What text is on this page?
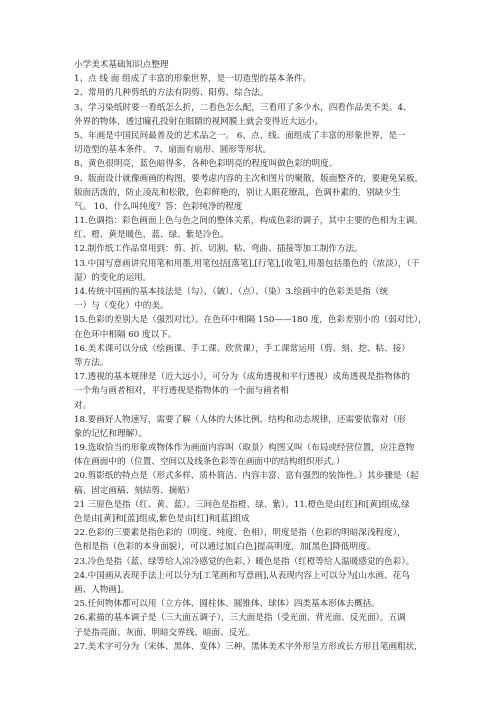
小学美术基础知识点整理
1、点 线 面 组成了丰富的形象世界，是一切造型的基本条件。
2、常用的几种剪纸的方法有阴剪、阳剪、综合法。
3、学习染纸时要一看纸怎么折，二看色怎么配，三看用了多少水，四看作品美不美。4、
外界的物体，透过瞳孔投射在眼睛的视网膜上就会变得近大远小。
5、年画是中国民间最普及的艺术品之一。 6、点、线、面组成了丰富的形象世界，是一
切造型的基本条件。 7、扇面有扇形、圆形等形状。
8、黄色很明亮，蓝色暗得多，各种色彩明亮的程度叫做色彩的明度。
9、版面设计就像画画的构图，要考虑内容的主次和图片的聚散，版面整齐的，要避免呆板，
版面活泼的，防止凌乱和松散，色彩鲜艳的，别让人眼花缭乱，色调朴素的，别缺少生
气。 10、什么叫纯度？答：色彩纯净的程度
11.色调指：彩色画面上色与色之间的整体关系，构成色彩的调子，其中主要的色相为主调。
红、橙、黄是暖色，蓝、绿、紫是冷色。
12.制作纸工作品常用到：剪、折、切割、粘、弯曲、插接等加工制作方法。
13.中国写意画讲究用笔和用墨,用笔包括[落笔],[行笔],[收笔],用墨包括墨色的（浓淡），（干
湿）的变化的运用。
14.传统中国画的基本技法是（勾）、（皴）、（点）、（染）3.绘画中的色彩美是指（统
一）与（变化）中的美。
15.色彩的差别大是（强烈对比）。在色环中相隔 150——180 度，色彩差别小的（弱对比），
在色环中相隔 60 度以下。
16.美术课可以分成（绘画课、手工课、欣赏课），手工课常运用（剪、刻、挖、粘、接）
等方法。
17.透视的基本规律是（近大远小），可分为（成角透视和平行透视）成角透视是指物体的
一个角与画者相对，平行透视是指物体的一个面与画者相
对。
18.要画好人物速写，需要了解（人体的大体比例、结构和动态规律，还需要依靠对（形
象的记忆和理解）。
19.选取恰当的形象或物体作为画面内容叫（取景）构图又叫（布局或经营位置，应注意物
体在画面中的（位置、空间以及线条色彩等在画面中的结构组织形式。）
20.剪影纸的特点是（形式多样、质朴简洁、内容丰富、富有强烈的装饰性。）其步骤是（起
稿、固定画稿、刻結剪、摘贴）
21 三原色是指（红、黄、蓝）。三间色是指橙、绿、紫）。11.橙色是由[红]和[黄]组成,绿
色是由[黄]和[蓝]组成,紫色是由[红]和[蓝]组成
22.色彩的三要素是指色彩的（明度、纯度、色相），明度是指（色彩的明暗深浅程度），
色相是指（色彩的本身面貌），可以通过加[白色]提高明度，加[黑色]降低明度。
23.冷色是指（蓝、绿等给人凉冷感觉的色彩，）暖色是指（红橙等给人温暖感觉的色彩）。
24.中国画从表现手法上可以分为[工笔画和写意画],从表现内容上可以分为[山水画、花鸟
画、人物画]。
25.任何物体都可以用（立方体、圆柱体、圆锥体、球体）四类基本形体去概括。
26.素描的基本调子是（三大面五调子），三大面是指（受光面、背光面、反光面）。五调
子是指亮面、灰面、明暗交界线、暗面、反光。
27.美术字可分为（宋体、黑体、变体）三种。黑体美术字外形呈方形或长方形且笔画粗状,
